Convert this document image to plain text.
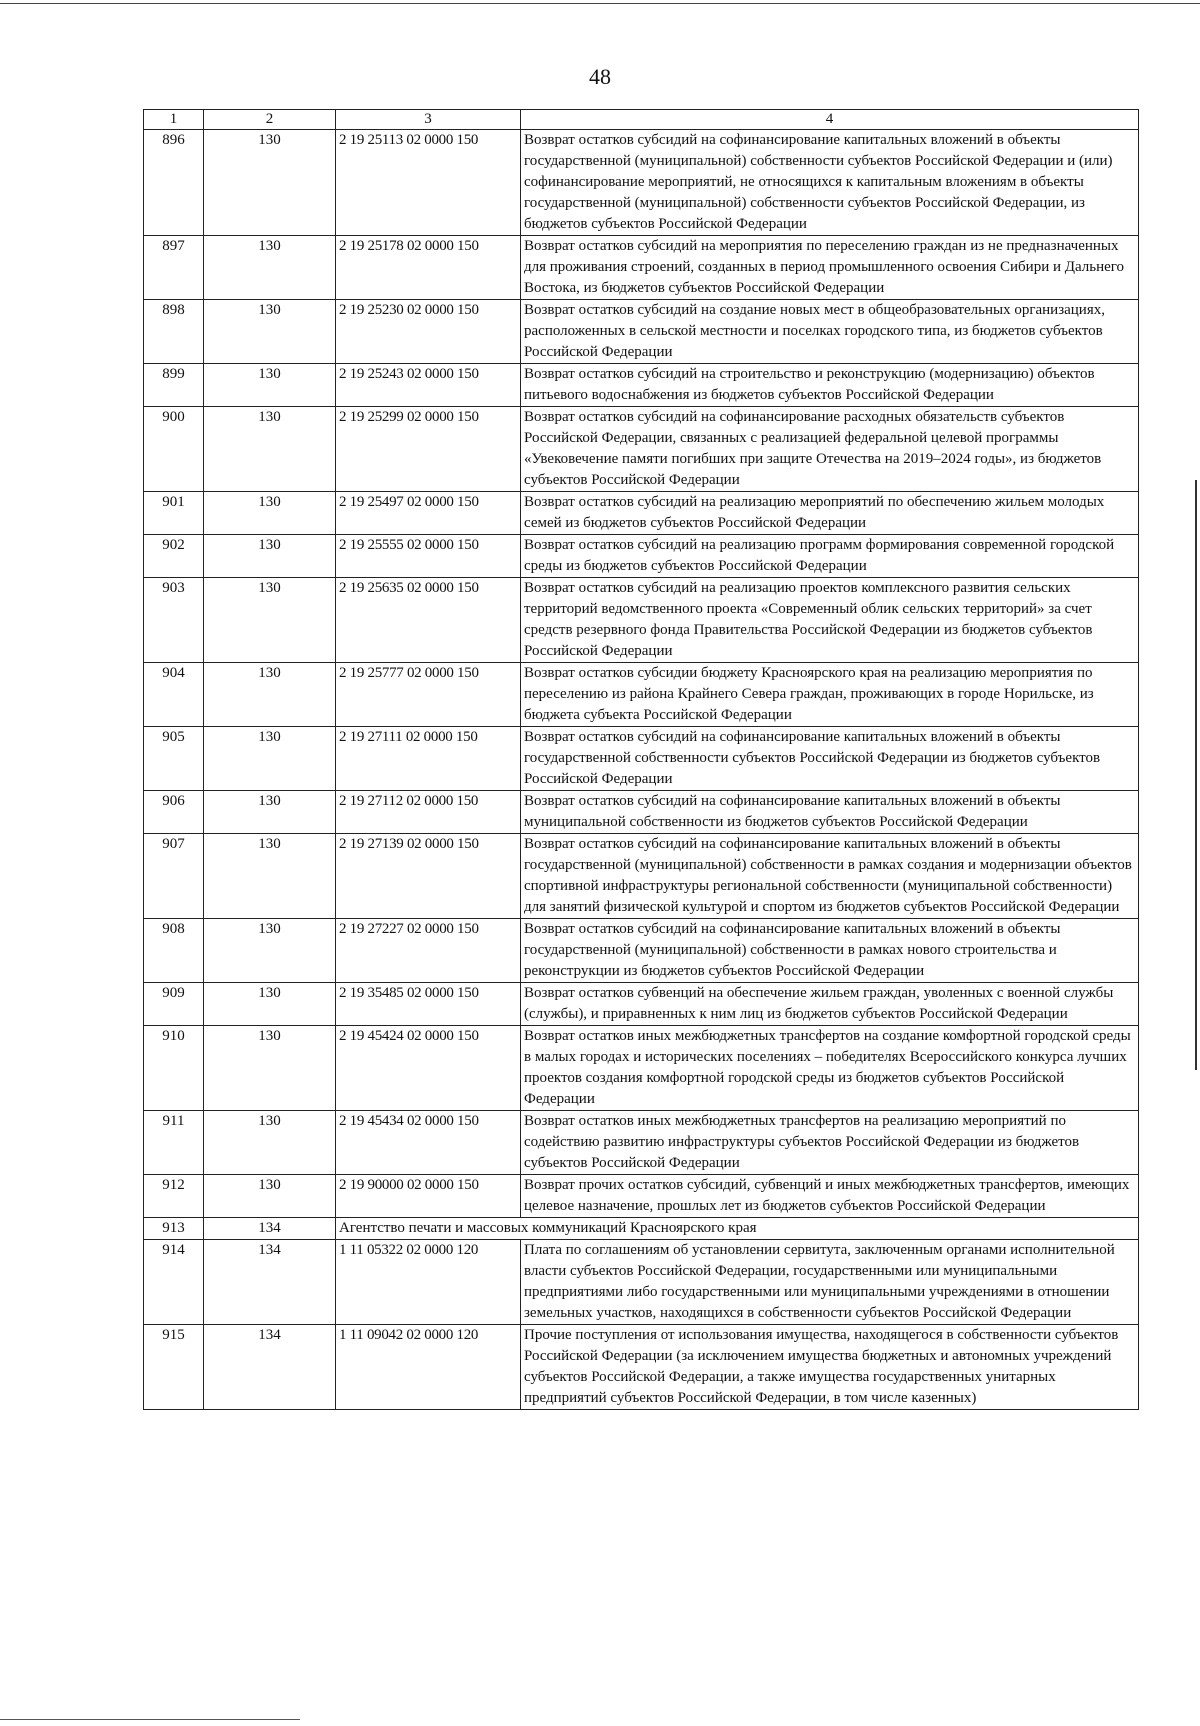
48
1	2	3	4
896	130	2 19 25113 02 0000 150	Возврат остатков субсидий на софинансирование капитальных вложений в объекты государственной (муниципальной) собственности субъектов Российской Федерации и (или) софинансирование мероприятий, не относящихся к капитальным вложениям в объекты государственной (муниципальной) собственности субъектов Российской Федерации, из бюджетов субъектов Российской Федерации
897	130	2 19 25178 02 0000 150	Возврат остатков субсидий на мероприятия по переселению граждан из не предназначенных для проживания строений, созданных в период промышленного освоения Сибири и Дальнего Востока, из бюджетов субъектов Российской Федерации
898	130	2 19 25230 02 0000 150	Возврат остатков субсидий на создание новых мест в общеобразовательных организациях, расположенных в сельской местности и поселках городского типа, из бюджетов субъектов Российской Федерации
899	130	2 19 25243 02 0000 150	Возврат остатков субсидий на строительство и реконструкцию (модернизацию) объектов питьевого водоснабжения из бюджетов субъектов Российской Федерации
900	130	2 19 25299 02 0000 150	Возврат остатков субсидий на софинансирование расходных обязательств субъектов Российской Федерации, связанных с реализацией федеральной целевой программы «Увековечение памяти погибших при защите Отечества на 2019–2024 годы», из бюджетов субъектов Российской Федерации
901	130	2 19 25497 02 0000 150	Возврат остатков субсидий на реализацию мероприятий по обеспечению жильем молодых семей из бюджетов субъектов Российской Федерации
902	130	2 19 25555 02 0000 150	Возврат остатков субсидий на реализацию программ формирования современной городской среды из бюджетов субъектов Российской Федерации
903	130	2 19 25635 02 0000 150	Возврат остатков субсидий на реализацию проектов комплексного развития сельских территорий ведомственного проекта «Современный облик сельских территорий» за счет средств резервного фонда Правительства Российской Федерации из бюджетов субъектов Российской Федерации
904	130	2 19 25777 02 0000 150	Возврат остатков субсидии бюджету Красноярского края на реализацию мероприятия по переселению из района Крайнего Севера граждан, проживающих в городе Норильске, из бюджета субъекта Российской Федерации
905	130	2 19 27111 02 0000 150	Возврат остатков субсидий на софинансирование капитальных вложений в объекты государственной собственности субъектов Российской Федерации из бюджетов субъектов Российской Федерации
906	130	2 19 27112 02 0000 150	Возврат остатков субсидий на софинансирование капитальных вложений в объекты муниципальной собственности из бюджетов субъектов Российской Федерации
907	130	2 19 27139 02 0000 150	Возврат остатков субсидий на софинансирование капитальных вложений в объекты государственной (муниципальной) собственности в рамках создания и модернизации объектов спортивной инфраструктуры региональной собственности (муниципальной собственности) для занятий физической культурой и спортом из бюджетов субъектов Российской Федерации
908	130	2 19 27227 02 0000 150	Возврат остатков субсидий на софинансирование капитальных вложений в объекты государственной (муниципальной) собственности в рамках нового строительства и реконструкции из бюджетов субъектов Российской Федерации
909	130	2 19 35485 02 0000 150	Возврат остатков субвенций на обеспечение жильем граждан, уволенных с военной службы (службы), и приравненных к ним лиц из бюджетов субъектов Российской Федерации
910	130	2 19 45424 02 0000 150	Возврат остатков иных межбюджетных трансфертов на создание комфортной городской среды в малых городах и исторических поселениях – победителях Всероссийского конкурса лучших проектов создания комфортной городской среды из бюджетов субъектов Российской Федерации
911	130	2 19 45434 02 0000 150	Возврат остатков иных межбюджетных трансфертов на реализацию мероприятий по содействию развитию инфраструктуры субъектов Российской Федерации из бюджетов субъектов Российской Федерации
912	130	2 19 90000 02 0000 150	Возврат прочих остатков субсидий, субвенций и иных межбюджетных трансфертов, имеющих целевое назначение, прошлых лет из бюджетов субъектов Российской Федерации
913	134	Агентство печати и массовых коммуникаций Красноярского края	
914	134	1 11 05322 02 0000 120	Плата по соглашениям об установлении сервитута, заключенным органами исполнительной власти субъектов Российской Федерации, государственными или муниципальными предприятиями либо государственными или муниципальными учреждениями в отношении земельных участков, находящихся в собственности субъектов Российской Федерации
915	134	1 11 09042 02 0000 120	Прочие поступления от использования имущества, находящегося в собственности субъектов Российской Федерации (за исключением имущества бюджетных и автономных учреждений субъектов Российской Федерации, а также имущества государственных унитарных предприятий субъектов Российской Федерации, в том числе казенных)
